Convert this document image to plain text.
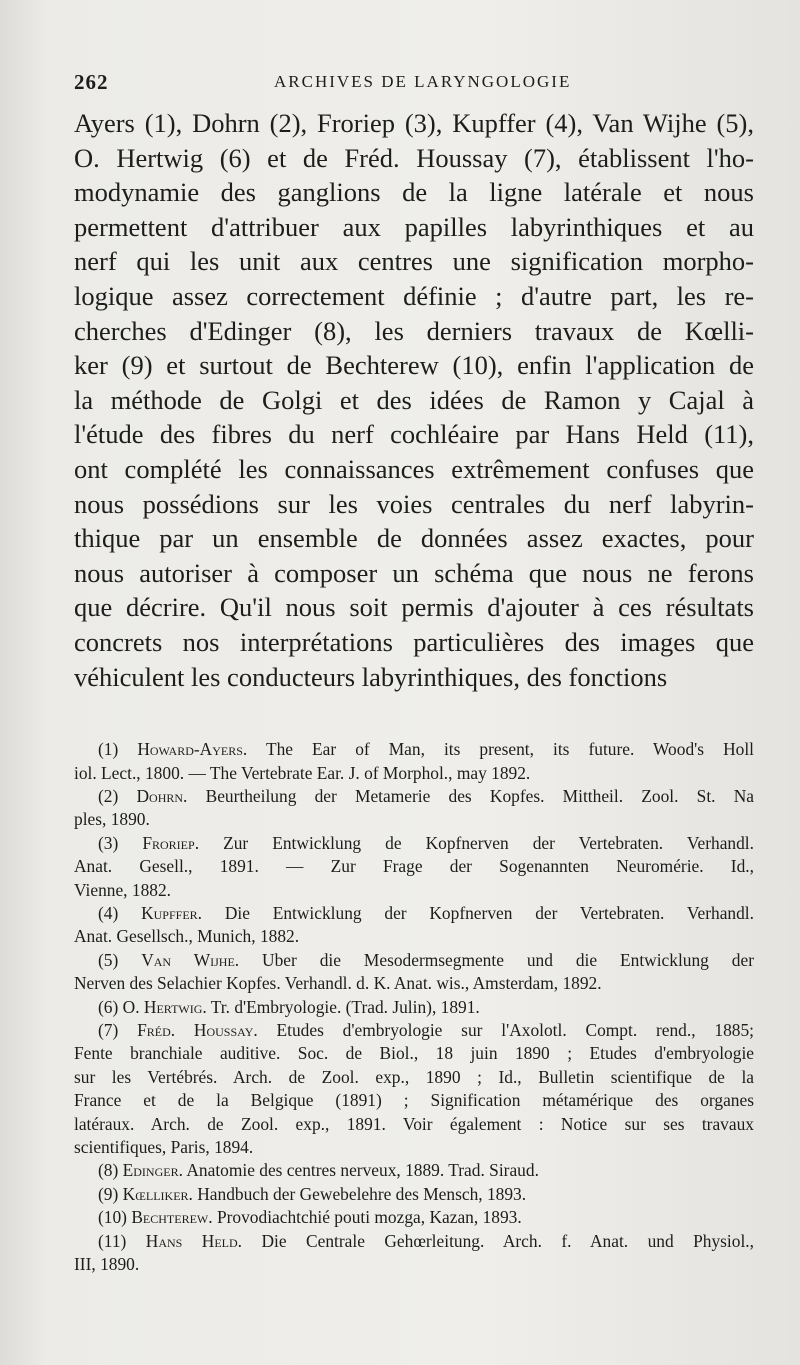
262	ARCHIVES DE LARYNGOLOGIE

Ayers (1), Dohrn (2), Froriep (3), Kupffer (4), Van Wijhe (5),
O. Hertwig (6) et de Fréd. Houssay (7), établissent l'ho-
modynamie des ganglions de la ligne latérale et nous
permettent d'attribuer aux papilles labyrinthiques et au
nerf qui les unit aux centres une signification morpho-
logique assez correctement définie ; d'autre part, les re-
cherches d'Edinger (8), les derniers travaux de Kœlli-
ker (9) et surtout de Bechterew (10), enfin l'application de
la méthode de Golgi et des idées de Ramon y Cajal à
l'étude des fibres du nerf cochléaire par Hans Held (11),
ont complété les connaissances extrêmement confuses que
nous possédions sur les voies centrales du nerf labyrin-
thique par un ensemble de données assez exactes, pour
nous autoriser à composer un schéma que nous ne ferons
que décrire. Qu'il nous soit permis d'ajouter à ces résultats
concrets nos interprétations particulières des images que
véhiculent les conducteurs labyrinthiques, des fonctions

(1) Howard-Ayers. The Ear of Man, its present, its future. Wood's Holl
iol. Lect., 1800. — The Vertebrate Ear. J. of Morphol., may 1892.
(2) Dohrn. Beurtheilung der Metamerie des Kopfes. Mittheil. Zool. St. Na
ples, 1890.
(3) Froriep. Zur Entwicklung de Kopfnerven der Vertebraten. Verhandl.
Anat. Gesell., 1891. — Zur Frage der Sogenannten Neuromérie. Id.,
Vienne, 1882.
(4) Kupffer. Die Entwicklung der Kopfnerven der Vertebraten. Verhandl.
Anat. Gesellsch., Munich, 1882.
(5) Van Wijhe. Uber die Mesodermsegmente und die Entwicklung der
Nerven des Selachier Kopfes. Verhandl. d. K. Anat. wis., Amsterdam, 1892.
(6) O. Hertwig. Tr. d'Embryologie. (Trad. Julin), 1891.
(7) Fréd. Houssay. Etudes d'embryologie sur l'Axolotl. Compt. rend., 1885;
Fente branchiale auditive. Soc. de Biol., 18 juin 1890 ; Etudes d'embryologie
sur les Vertébrés. Arch. de Zool. exp., 1890 ; Id., Bulletin scientifique de la
France et de la Belgique (1891) ; Signification métamérique des organes
latéraux. Arch. de Zool. exp., 1891. Voir également : Notice sur ses travaux
scientifiques, Paris, 1894.
(8) Edinger. Anatomie des centres nerveux, 1889. Trad. Siraud.
(9) Kœlliker. Handbuch der Gewebelehre des Mensch, 1893.
(10) Bechterew. Provodiachtchié pouti mozga, Kazan, 1893.
(11) Hans Held. Die Centrale Gehœrleitung. Arch. f. Anat. und Physiol.,
III, 1890.
